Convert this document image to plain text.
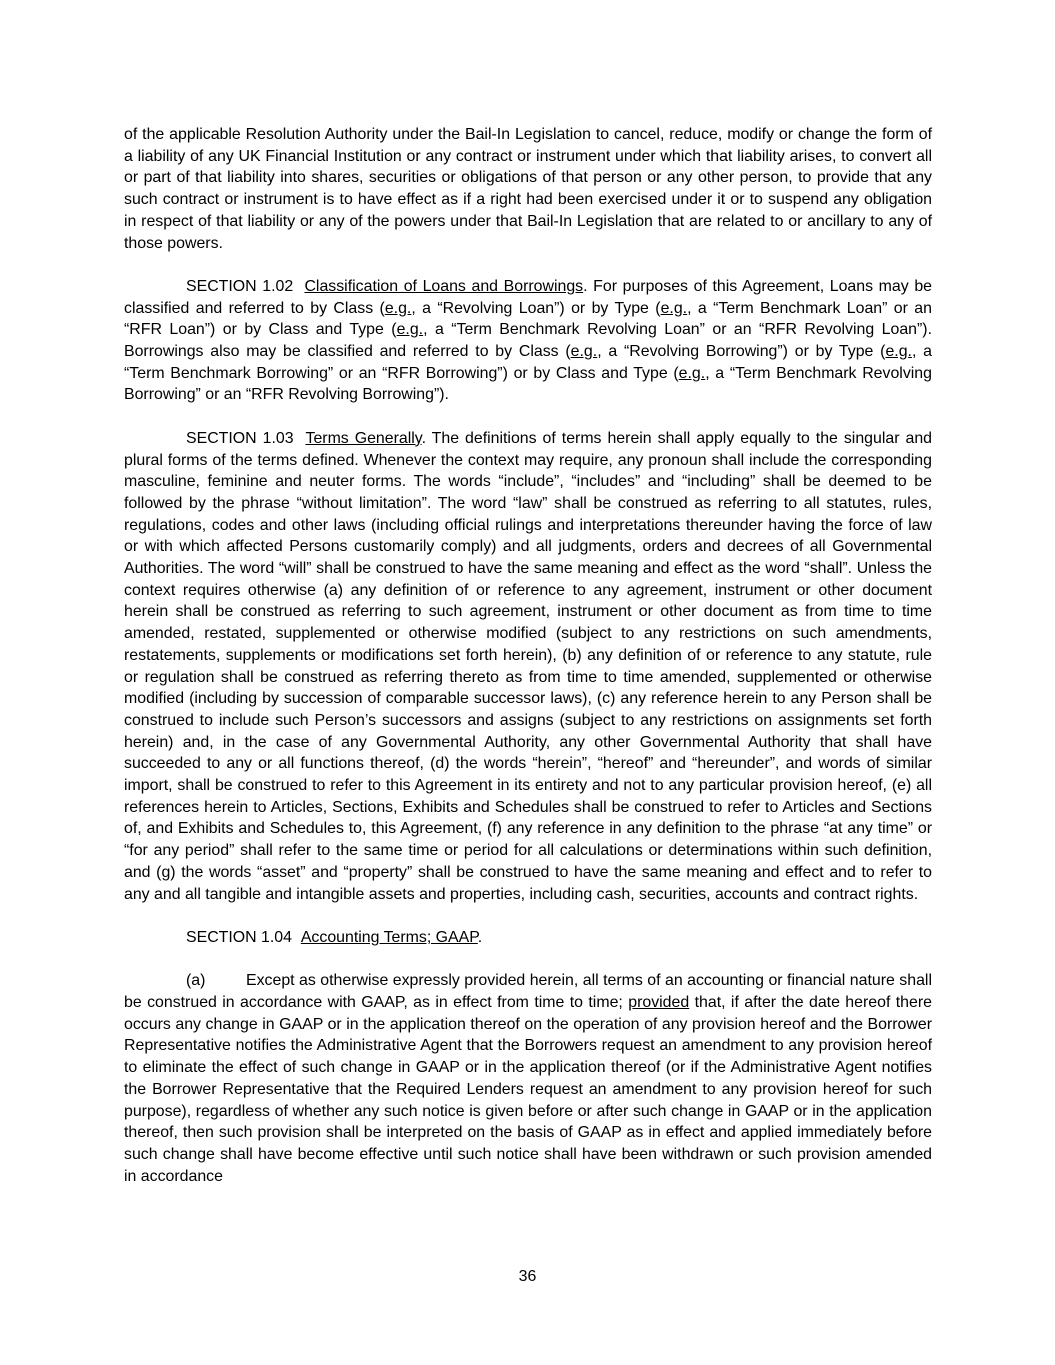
of the applicable Resolution Authority under the Bail-In Legislation to cancel, reduce, modify or change the form of a liability of any UK Financial Institution or any contract or instrument under which that liability arises, to convert all or part of that liability into shares, securities or obligations of that person or any other person, to provide that any such contract or instrument is to have effect as if a right had been exercised under it or to suspend any obligation in respect of that liability or any of the powers under that Bail-In Legislation that are related to or ancillary to any of those powers.

SECTION 1.02 Classification of Loans and Borrowings. For purposes of this Agreement, Loans may be classified and referred to by Class (e.g., a “Revolving Loan”) or by Type (e.g., a “Term Benchmark Loan” or an “RFR Loan”) or by Class and Type (e.g., a “Term Benchmark Revolving Loan” or an “RFR Revolving Loan”). Borrowings also may be classified and referred to by Class (e.g., a “Revolving Borrowing”) or by Type (e.g., a “Term Benchmark Borrowing” or an “RFR Borrowing”) or by Class and Type (e.g., a “Term Benchmark Revolving Borrowing” or an “RFR Revolving Borrowing”).

SECTION 1.03 Terms Generally. The definitions of terms herein shall apply equally to the singular and plural forms of the terms defined. Whenever the context may require, any pronoun shall include the corresponding masculine, feminine and neuter forms. The words “include”, “includes” and “including” shall be deemed to be followed by the phrase “without limitation”. The word “law” shall be construed as referring to all statutes, rules, regulations, codes and other laws (including official rulings and interpretations thereunder having the force of law or with which affected Persons customarily comply) and all judgments, orders and decrees of all Governmental Authorities. The word “will” shall be construed to have the same meaning and effect as the word “shall”. Unless the context requires otherwise (a) any definition of or reference to any agreement, instrument or other document herein shall be construed as referring to such agreement, instrument or other document as from time to time amended, restated, supplemented or otherwise modified (subject to any restrictions on such amendments, restatements, supplements or modifications set forth herein), (b) any definition of or reference to any statute, rule or regulation shall be construed as referring thereto as from time to time amended, supplemented or otherwise modified (including by succession of comparable successor laws), (c) any reference herein to any Person shall be construed to include such Person’s successors and assigns (subject to any restrictions on assignments set forth herein) and, in the case of any Governmental Authority, any other Governmental Authority that shall have succeeded to any or all functions thereof, (d) the words “herein”, “hereof” and “hereunder”, and words of similar import, shall be construed to refer to this Agreement in its entirety and not to any particular provision hereof, (e) all references herein to Articles, Sections, Exhibits and Schedules shall be construed to refer to Articles and Sections of, and Exhibits and Schedules to, this Agreement, (f) any reference in any definition to the phrase “at any time” or “for any period” shall refer to the same time or period for all calculations or determinations within such definition, and (g) the words “asset” and “property” shall be construed to have the same meaning and effect and to refer to any and all tangible and intangible assets and properties, including cash, securities, accounts and contract rights.

SECTION 1.04 Accounting Terms; GAAP.

(a)	Except as otherwise expressly provided herein, all terms of an accounting or financial nature shall be construed in accordance with GAAP, as in effect from time to time; provided that, if after the date hereof there occurs any change in GAAP or in the application thereof on the operation of any provision hereof and the Borrower Representative notifies the Administrative Agent that the Borrowers request an amendment to any provision hereof to eliminate the effect of such change in GAAP or in the application thereof (or if the Administrative Agent notifies the Borrower Representative that the Required Lenders request an amendment to any provision hereof for such purpose), regardless of whether any such notice is given before or after such change in GAAP or in the application thereof, then such provision shall be interpreted on the basis of GAAP as in effect and applied immediately before such change shall have become effective until such notice shall have been withdrawn or such provision amended in accordance

36
